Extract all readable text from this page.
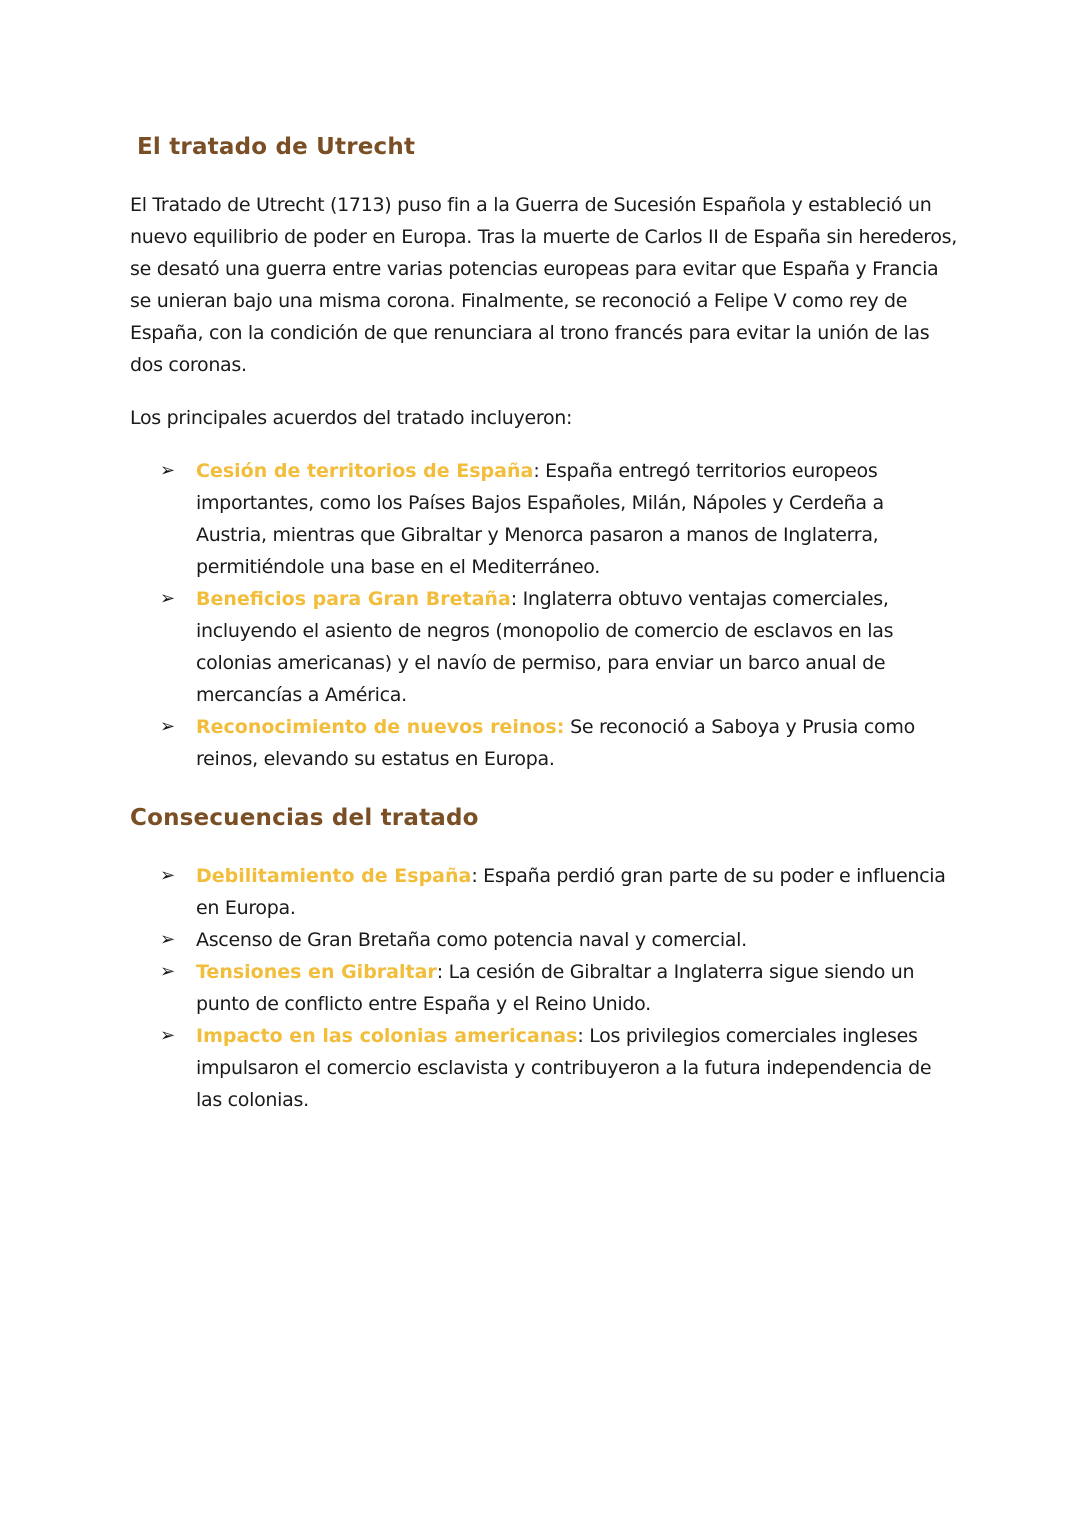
El tratado de Utrecht
El Tratado de Utrecht (1713) puso fin a la Guerra de Sucesión Española y estableció un nuevo equilibrio de poder en Europa. Tras la muerte de Carlos II de España sin herederos, se desató una guerra entre varias potencias europeas para evitar que España y Francia se unieran bajo una misma corona. Finalmente, se reconoció a Felipe V como rey de España, con la condición de que renunciara al trono francés para evitar la unión de las dos coronas.
Los principales acuerdos del tratado incluyeron:
➢ Cesión de territorios de España: España entregó territorios europeos importantes, como los Países Bajos Españoles, Milán, Nápoles y Cerdeña a Austria, mientras que Gibraltar y Menorca pasaron a manos de Inglaterra, permitiéndole una base en el Mediterráneo.
➢ Beneficios para Gran Bretaña: Inglaterra obtuvo ventajas comerciales, incluyendo el asiento de negros (monopolio de comercio de esclavos en las colonias americanas) y el navío de permiso, para enviar un barco anual de mercancías a América.
➢ Reconocimiento de nuevos reinos: Se reconoció a Saboya y Prusia como reinos, elevando su estatus en Europa.
Consecuencias del tratado
➢ Debilitamiento de España: España perdió gran parte de su poder e influencia en Europa.
➢ Ascenso de Gran Bretaña como potencia naval y comercial.
➢ Tensiones en Gibraltar: La cesión de Gibraltar a Inglaterra sigue siendo un punto de conflicto entre España y el Reino Unido.
➢ Impacto en las colonias americanas: Los privilegios comerciales ingleses impulsaron el comercio esclavista y contribuyeron a la futura independencia de las colonias.
